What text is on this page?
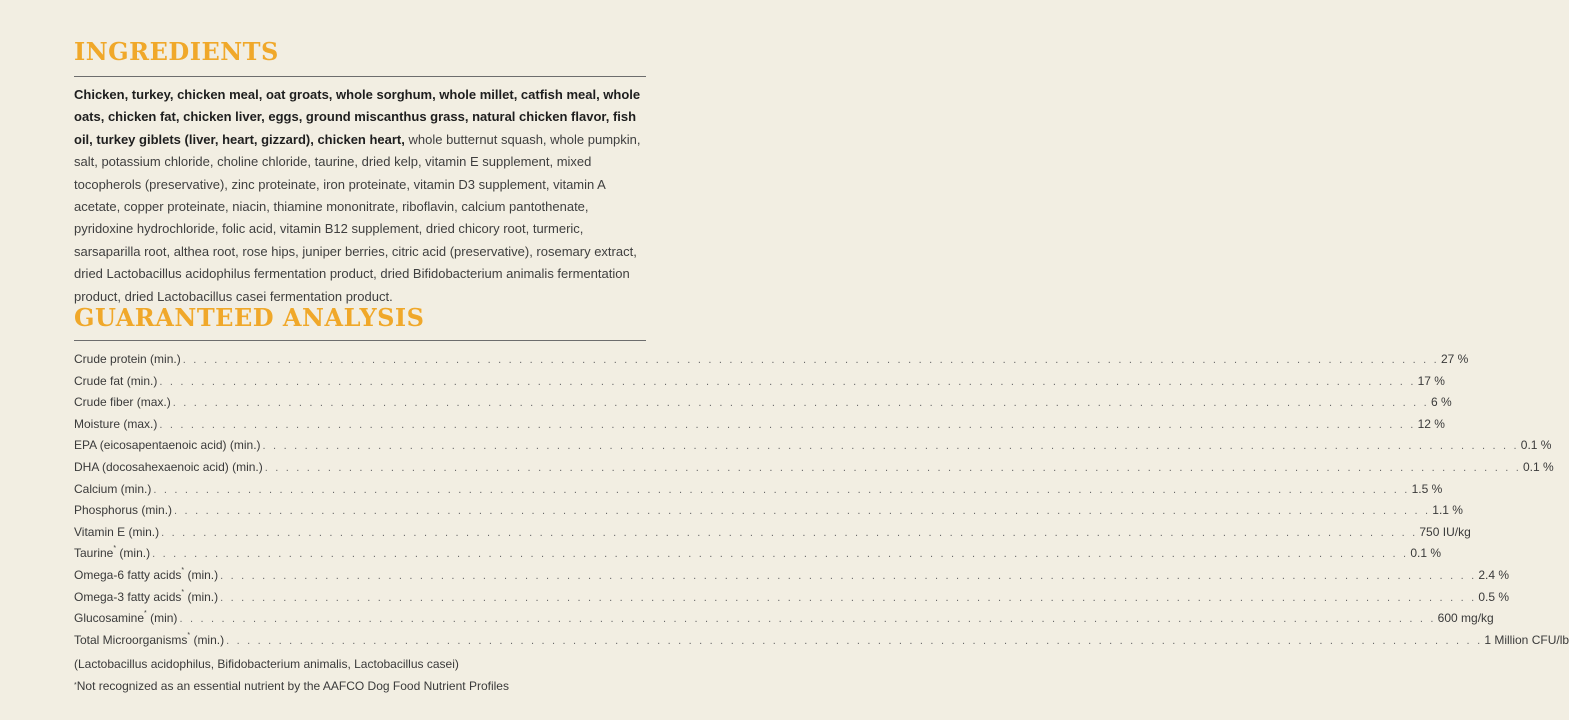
INGREDIENTS

Chicken, turkey, chicken meal, oat groats, whole sorghum, whole millet, catfish meal, whole oats, chicken fat, chicken liver, eggs, ground miscanthus grass, natural chicken flavor, fish oil, turkey giblets (liver, heart, gizzard), chicken heart, whole butternut squash, whole pumpkin, salt, potassium chloride, choline chloride, taurine, dried kelp, vitamin E supplement, mixed tocopherols (preservative), zinc proteinate, iron proteinate, vitamin D3 supplement, vitamin A acetate, copper proteinate, niacin, thiamine mononitrate, riboflavin, calcium pantothenate, pyridoxine hydrochloride, folic acid, vitamin B12 supplement, dried chicory root, turmeric, sarsaparilla root, althea root, rose hips, juniper berries, citric acid (preservative), rosemary extract, dried Lactobacillus acidophilus fermentation product, dried Bifidobacterium animalis fermentation product, dried Lactobacillus casei fermentation product.

GUARANTEED ANALYSIS
Crude protein (min.) . . . . . . . . . . . . . . . . . . . . . . . . . . . . . . . . . . . . . . . . . . . . . . . . . . . . . . . . . . . . . . . . . . . . . . . . . . . . . . . . . . . . . . . . . . . . . . . . . . . . . . . . . . . . . . . . . . . . . . . . 27 %
Crude fat (min.) . . . . . . . . . . . . . . . . . . . . . . . . . . . . . . . . . . . . . . . . . . . . . . . . . . . . . . . . . . . . . . . . . . . . . . . . . . . . . . . . . . . . . . . . . . . . . . . . . . . . . . . . . . . . . . . . . . . . . . . . 17 %
Crude fiber (max.) . . . . . . . . . . . . . . . . . . . . . . . . . . . . . . . . . . . . . . . . . . . . . . . . . . . . . . . . . . . . . . . . . . . . . . . . . . . . . . . . . . . . . . . . . . . . . . . . . . . . . . . . . . . . . . . . . . . . . . . . 6 %
Moisture (max.) . . . . . . . . . . . . . . . . . . . . . . . . . . . . . . . . . . . . . . . . . . . . . . . . . . . . . . . . . . . . . . . . . . . . . . . . . . . . . . . . . . . . . . . . . . . . . . . . . . . . . . . . . . . . . . . . . . . . . . . . 12 %
EPA (eicosapentaenoic acid) (min.) . . . . . . . . . . . . . . . . . . . . . . . . . . . . . . . . . . . . . . . . . . . . . . . . . . . . . . . . . . . . . . . . . . . . . . . . . . . . . . . . . . . . . . . . . . . . . . . . . . . . . . . . . . . . . . . . . . . . . . . . 0.1 %
DHA (docosahexaenoic acid) (min.) . . . . . . . . . . . . . . . . . . . . . . . . . . . . . . . . . . . . . . . . . . . . . . . . . . . . . . . . . . . . . . . . . . . . . . . . . . . . . . . . . . . . . . . . . . . . . . . . . . . . . . . . . . . . . . . . . . . . . . . . 0.1 %
Calcium (min.) . . . . . . . . . . . . . . . . . . . . . . . . . . . . . . . . . . . . . . . . . . . . . . . . . . . . . . . . . . . . . . . . . . . . . . . . . . . . . . . . . . . . . . . . . . . . . . . . . . . . . . . . . . . . . . . . . . . . . . . . 1.5 %
Phosphorus (min.) . . . . . . . . . . . . . . . . . . . . . . . . . . . . . . . . . . . . . . . . . . . . . . . . . . . . . . . . . . . . . . . . . . . . . . . . . . . . . . . . . . . . . . . . . . . . . . . . . . . . . . . . . . . . . . . . . . . . . . . . 1.1 %
Vitamin E (min.) . . . . . . . . . . . . . . . . . . . . . . . . . . . . . . . . . . . . . . . . . . . . . . . . . . . . . . . . . . . . . . . . . . . . . . . . . . . . . . . . . . . . . . . . . . . . . . . . . . . . . . . . . . . . . . . . . . . . . . . . 750 IU/kg
Taurine* (min.) . . . . . . . . . . . . . . . . . . . . . . . . . . . . . . . . . . . . . . . . . . . . . . . . . . . . . . . . . . . . . . . . . . . . . . . . . . . . . . . . . . . . . . . . . . . . . . . . . . . . . . . . . . . . . . . . . . . . . . . . 0.1 %
Omega-6 fatty acids* (min.) . . . . . . . . . . . . . . . . . . . . . . . . . . . . . . . . . . . . . . . . . . . . . . . . . . . . . . . . . . . . . . . . . . . . . . . . . . . . . . . . . . . . . . . . . . . . . . . . . . . . . . . . . . . . . . . . . . . . . . . . 2.4 %
Omega-3 fatty acids* (min.) . . . . . . . . . . . . . . . . . . . . . . . . . . . . . . . . . . . . . . . . . . . . . . . . . . . . . . . . . . . . . . . . . . . . . . . . . . . . . . . . . . . . . . . . . . . . . . . . . . . . . . . . . . . . . . . . . . . . . . . . 0.5 %
Glucosamine* (min) . . . . . . . . . . . . . . . . . . . . . . . . . . . . . . . . . . . . . . . . . . . . . . . . . . . . . . . . . . . . . . . . . . . . . . . . . . . . . . . . . . . . . . . . . . . . . . . . . . . . . . . . . . . . . . . . . . . . . . . . 600 mg/kg
Total Microorganisms* (min.) . . . . . . . . . . . . . . . . . . . . . . . . . . . . . . . . . . . . . . . . . . . . . . . . . . . . . . . . . . . . . . . . . . . . . . . . . . . . . . . . . . . . . . . . . . . . . . . . . . . . . . . . . . . . . . . . . . . . . . . . 1 Million CFU/lb
(Lactobacillus acidophilus, Bifidobacterium animalis, Lactobacillus casei)
*Not recognized as an essential nutrient by the AAFCO Dog Food Nutrient Profiles
